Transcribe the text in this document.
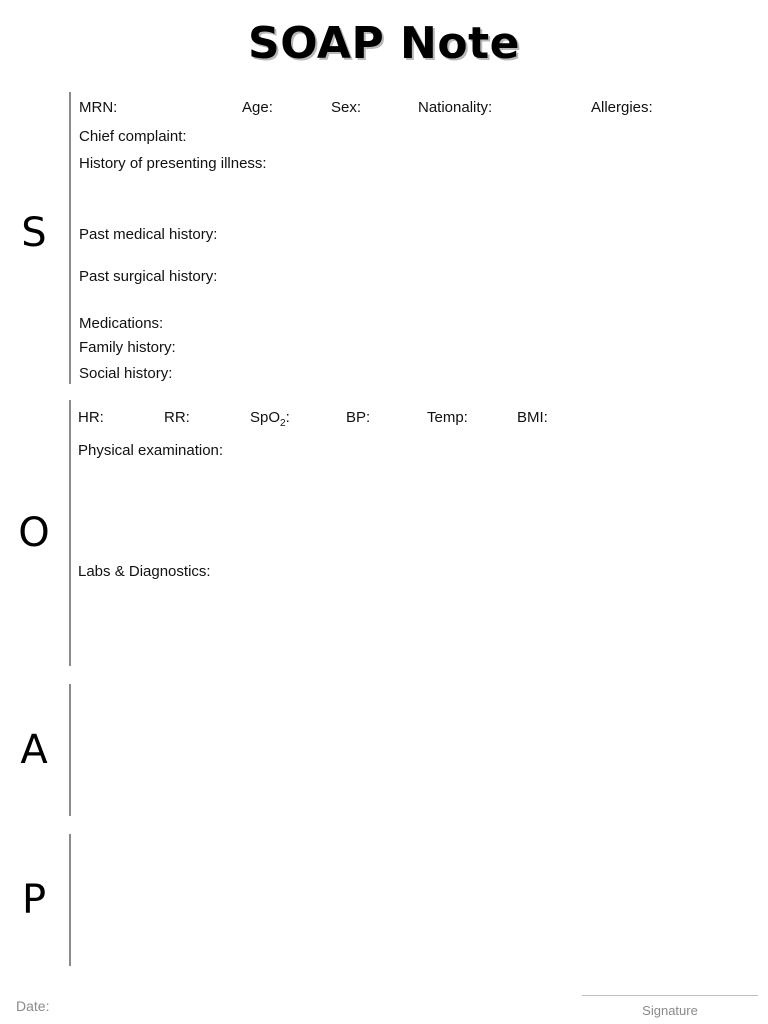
SOAP Note
S
MRN:	Age:	Sex:	Nationality:	Allergies:
Chief complaint:
History of presenting illness:
Past medical history:
Past surgical history:
Medications:
Family history:
Social history:
O
HR:	RR:	SpO$_2$:	BP:	Temp:	BMI:
Physical examination:
Labs & Diagnostics:
A
P
Date:	Signature
